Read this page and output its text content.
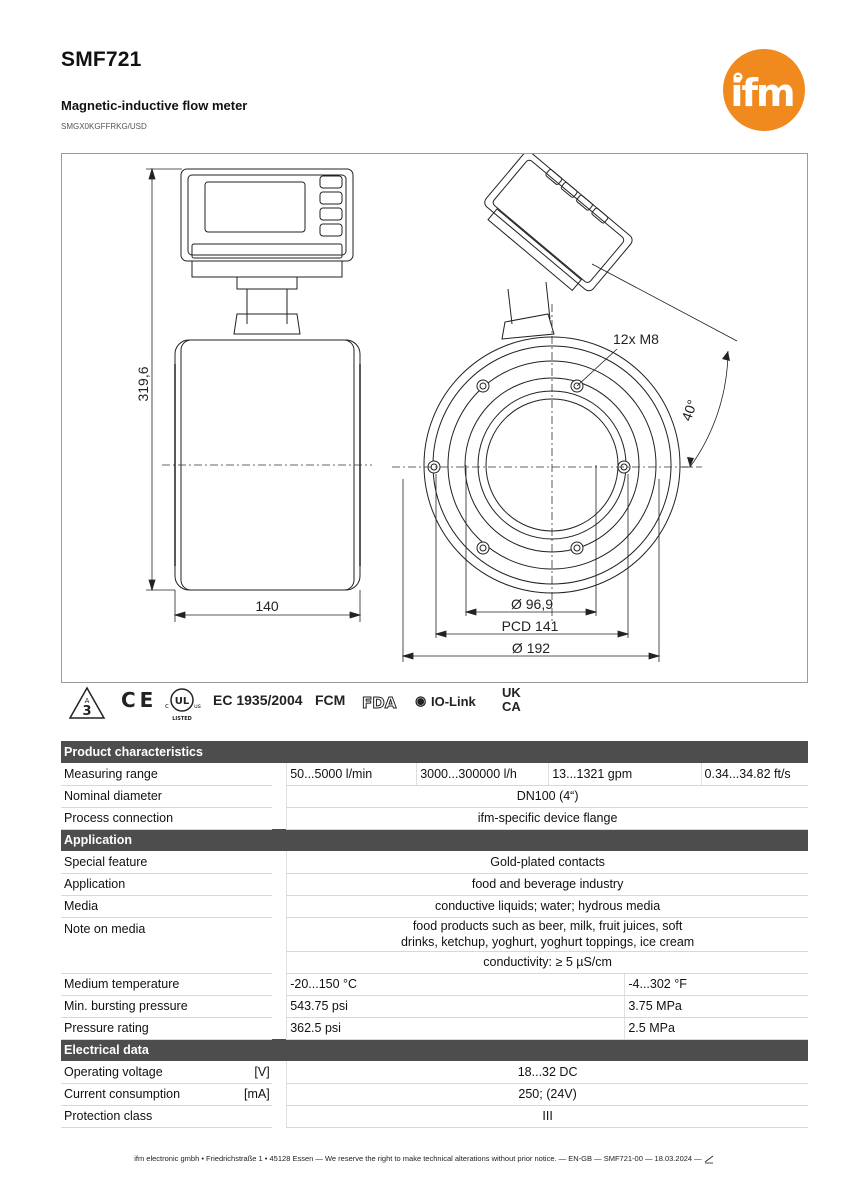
SMF721
Magnetic-inductive flow meter
SMGX0KGFFRKG/USD
ifm
319,6
140
12x M8
40°
Ø 96,9
PCD 141
Ø 192
3
A C E UL
c	us
LISTED
EC 1935/2004 FCM FDA ◉ IO-Link
UK
CA
Product characteristics							
Measuring range			50...5000 l/min	3000...300000 l/h	13...1321 gpm		0.34...34.82 ft/s
Nominal diameter			DN100 (4“)				
Process connection			ifm-specific device flange				
Application							
Special feature			Gold-plated contacts				
Application			food and beverage industry				
Media			conductive liquids; water; hydrous media				
Note on media			food products such as beer, milk, fruit juices, soft
drinks, ketchup, yoghurt, yoghurt toppings, ice cream				

			conductivity: ≥ 5 µS/cm				
Medium temperature			-20...150 °C			-4...302 °F	
Min. bursting pressure			543.75 psi			3.75 MPa	
Pressure rating			362.5 psi			2.5 MPa	
Electrical data							
Operating voltage	[V]		18...32 DC				
Current consumption	[mA]		250; (24V)				
Protection class			III				
ifm electronic gmbh • Friedrichstraße 1 • 45128 Essen — We reserve the right to make technical alterations without prior notice. — EN-GB — SMF721-00 — 18.03.2024 —
